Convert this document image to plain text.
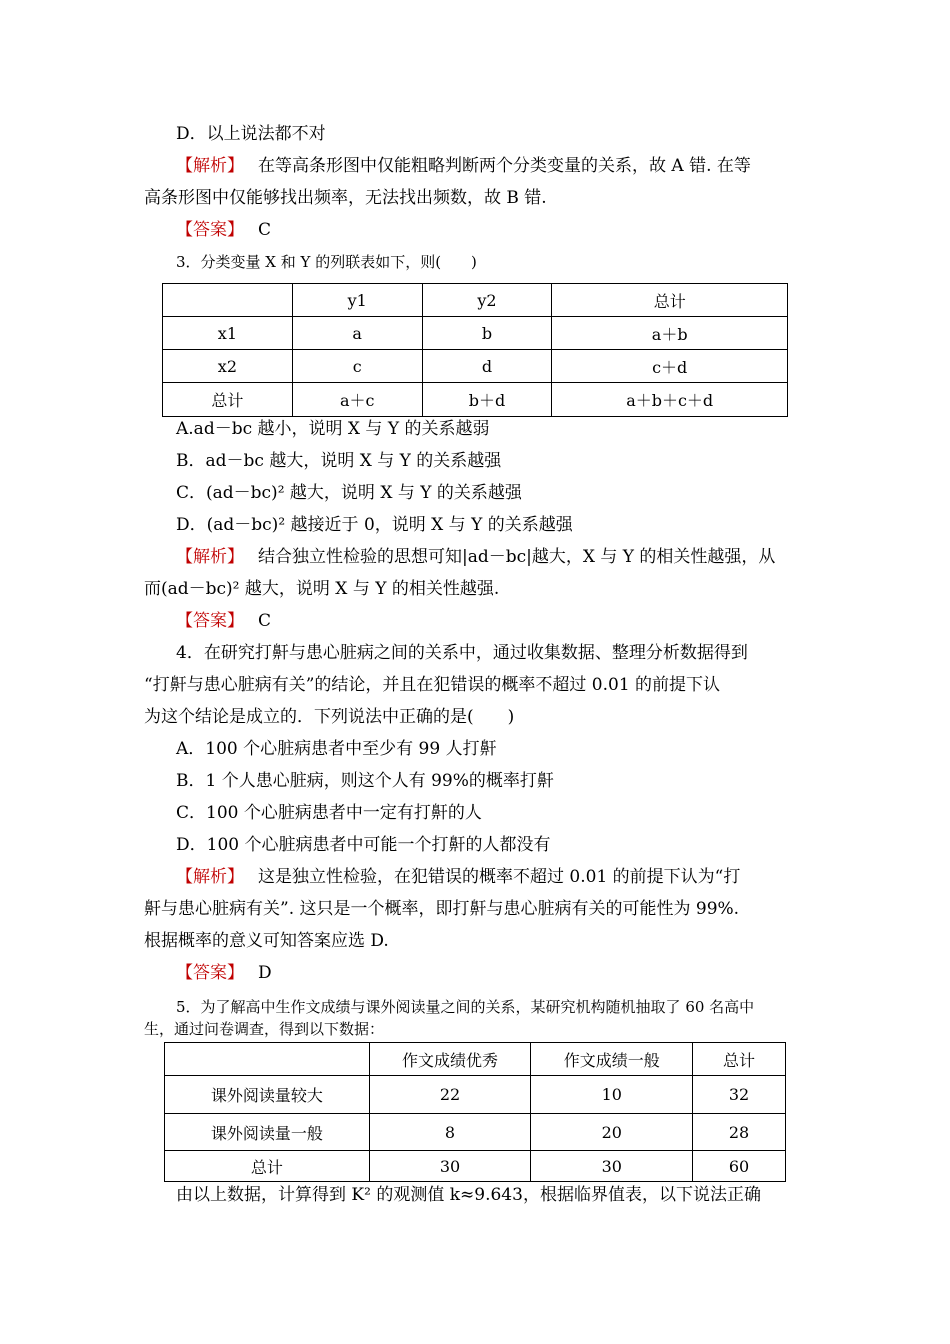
D．以上说法都不对
【解析】 在等高条形图中仅能粗略判断两个分类变量的关系，故 A 错. 在等
高条形图中仅能够找出频率，无法找出频数，故 B 错.
【答案】 C
3．分类变量 X 和 Y 的列联表如下，则(　　)
	y1	y2	总计
x1	a	b	a＋b
x2	c	d	c＋d
总计	a＋c	b＋d	a＋b＋c＋d
A.ad－bc 越小，说明 X 与 Y 的关系越弱
B．ad－bc 越大，说明 X 与 Y 的关系越强
C．(ad－bc)² 越大，说明 X 与 Y 的关系越强
D．(ad－bc)² 越接近于 0，说明 X 与 Y 的关系越强
【解析】 结合独立性检验的思想可知|ad－bc|越大，X 与 Y 的相关性越强，从
而(ad－bc)² 越大，说明 X 与 Y 的相关性越强.
【答案】 C
4．在研究打鼾与患心脏病之间的关系中，通过收集数据、整理分析数据得到
“打鼾与患心脏病有关”的结论，并且在犯错误的概率不超过 0.01 的前提下认
为这个结论是成立的．下列说法中正确的是(　　)
A．100 个心脏病患者中至少有 99 人打鼾
B．1 个人患心脏病，则这个人有 99%的概率打鼾
C．100 个心脏病患者中一定有打鼾的人
D．100 个心脏病患者中可能一个打鼾的人都没有
【解析】 这是独立性检验，在犯错误的概率不超过 0.01 的前提下认为“打
鼾与患心脏病有关”. 这只是一个概率，即打鼾与患心脏病有关的可能性为 99%.
根据概率的意义可知答案应选 D.
【答案】 D
5．为了解高中生作文成绩与课外阅读量之间的关系，某研究机构随机抽取了 60 名高中
生，通过问卷调查，得到以下数据：
	作文成绩优秀	作文成绩一般	总计
课外阅读量较大	22	10	32
课外阅读量一般	8	20	28
总计	30	30	60
由以上数据，计算得到 K² 的观测值 k≈9.643，根据临界值表，以下说法正确
